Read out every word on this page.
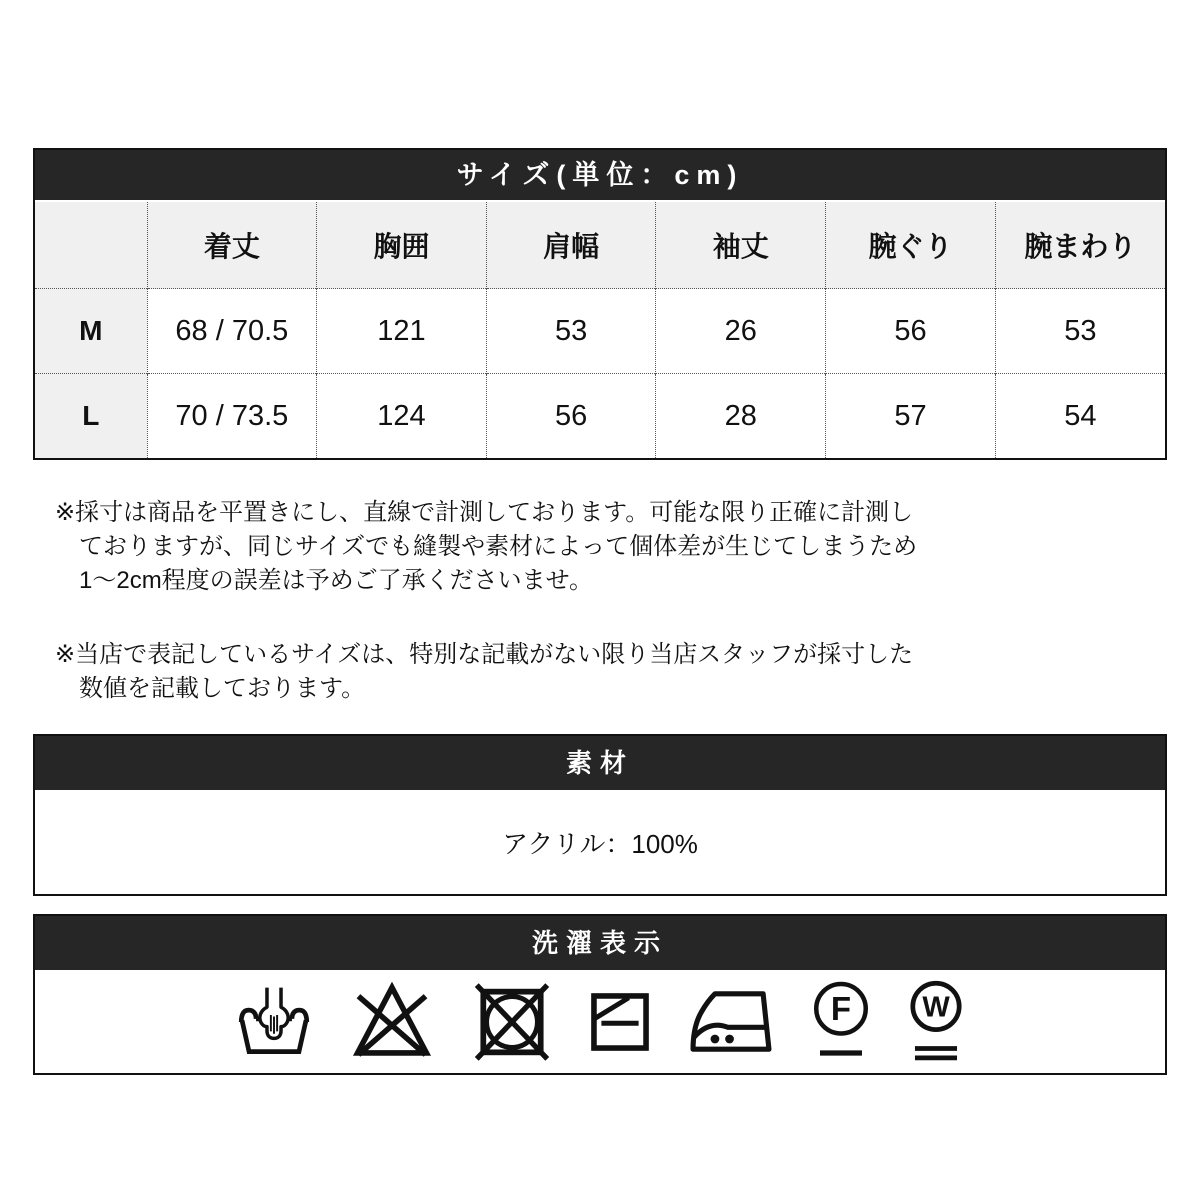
サイズ(単位：cm)
	着丈	胸囲	肩幅	袖丈	腕ぐり	腕まわり
M	68 / 70.5	121	53	26	56	53
L	70 / 73.5	124	56	28	57	54

※採寸は商品を平置きにし、直線で計測しております。可能な限り正確に計測し
ておりますが、同じサイズでも縫製や素材によって個体差が生じてしまうため
1〜2cm程度の誤差は予めご了承くださいませ。

※当店で表記しているサイズは、特別な記載がない限り当店スタッフが採寸した
数値を記載しております。

素材
アクリル：100%
洗濯表示
F W
